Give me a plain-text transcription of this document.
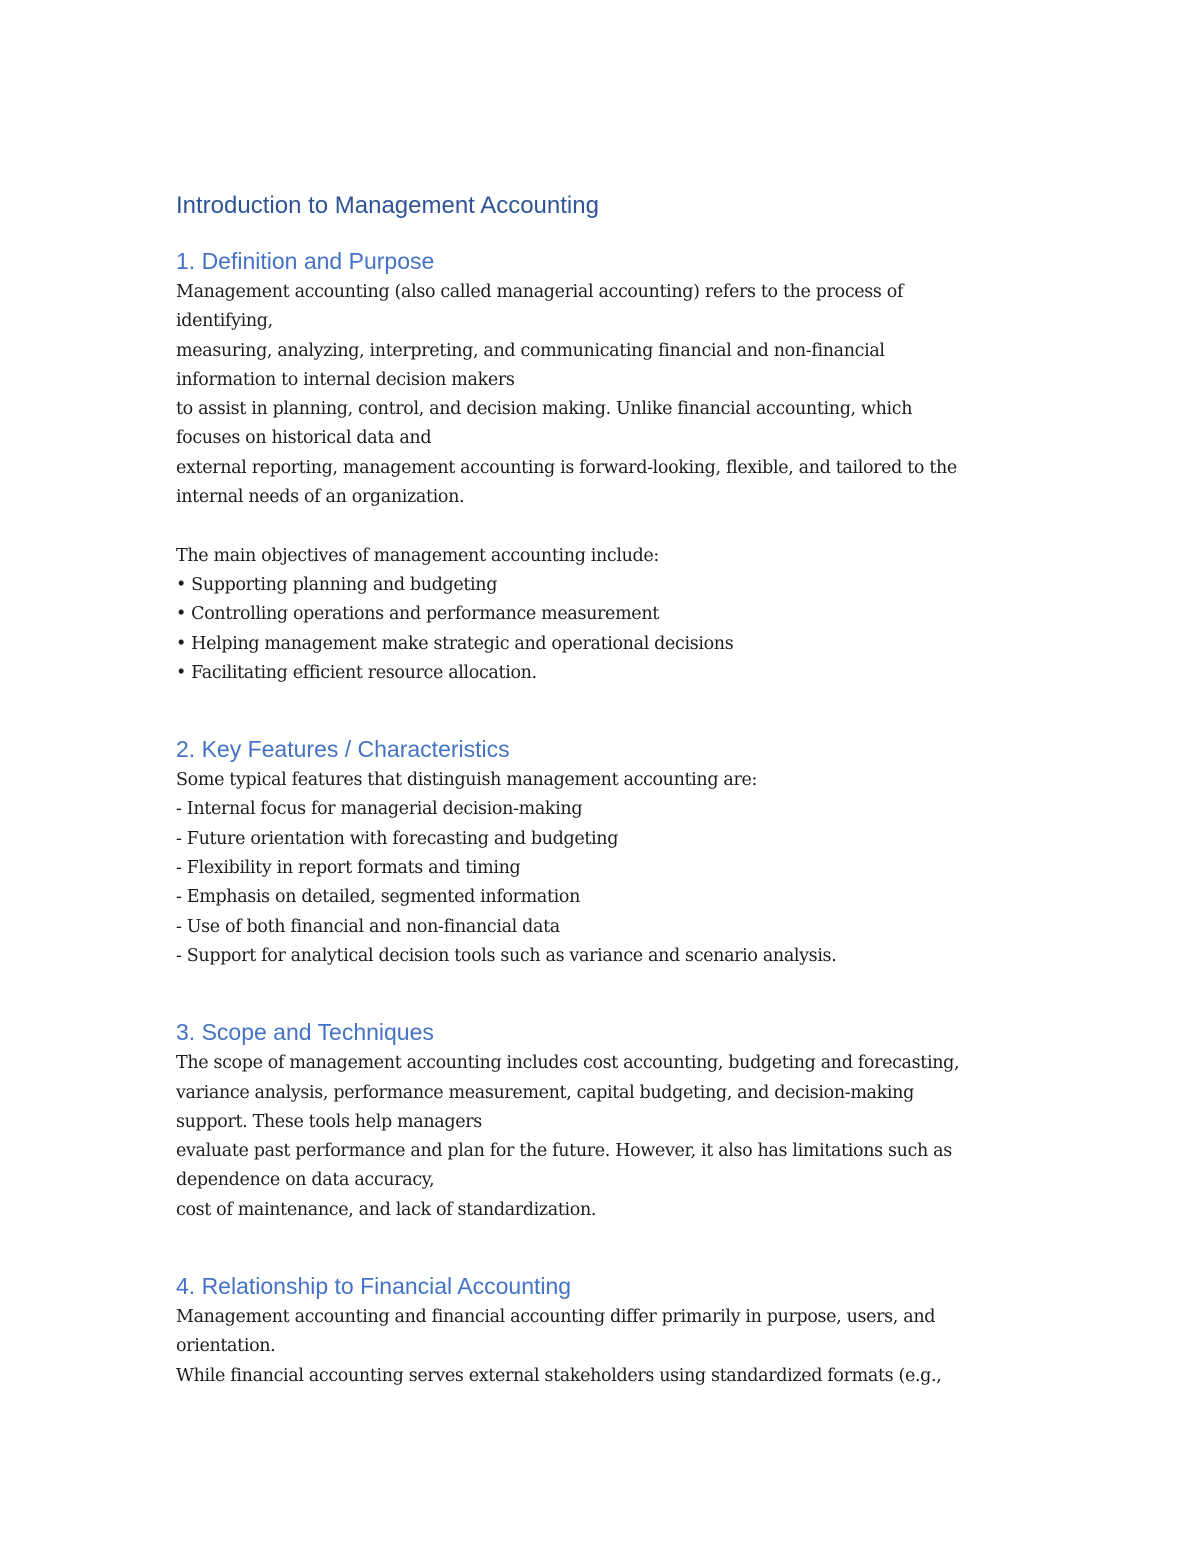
Introduction to Management Accounting
1. Definition and Purpose

Management accounting (also called managerial accounting) refers to the process of

identifying,

measuring, analyzing, interpreting, and communicating financial and non-financial

information to internal decision makers

to assist in planning, control, and decision making. Unlike financial accounting, which

focuses on historical data and

external reporting, management accounting is forward-looking, flexible, and tailored to the

internal needs of an organization.

The main objectives of management accounting include:

• Supporting planning and budgeting

• Controlling operations and performance measurement

• Helping management make strategic and operational decisions

• Facilitating efficient resource allocation.

2. Key Features / Characteristics

Some typical features that distinguish management accounting are:

- Internal focus for managerial decision-making

- Future orientation with forecasting and budgeting

- Flexibility in report formats and timing

- Emphasis on detailed, segmented information

- Use of both financial and non-financial data

- Support for analytical decision tools such as variance and scenario analysis.

3. Scope and Techniques

The scope of management accounting includes cost accounting, budgeting and forecasting,

variance analysis, performance measurement, capital budgeting, and decision-making

support. These tools help managers

evaluate past performance and plan for the future. However, it also has limitations such as

dependence on data accuracy,

cost of maintenance, and lack of standardization.

4. Relationship to Financial Accounting

Management accounting and financial accounting differ primarily in purpose, users, and

orientation.

While financial accounting serves external stakeholders using standardized formats (e.g.,
